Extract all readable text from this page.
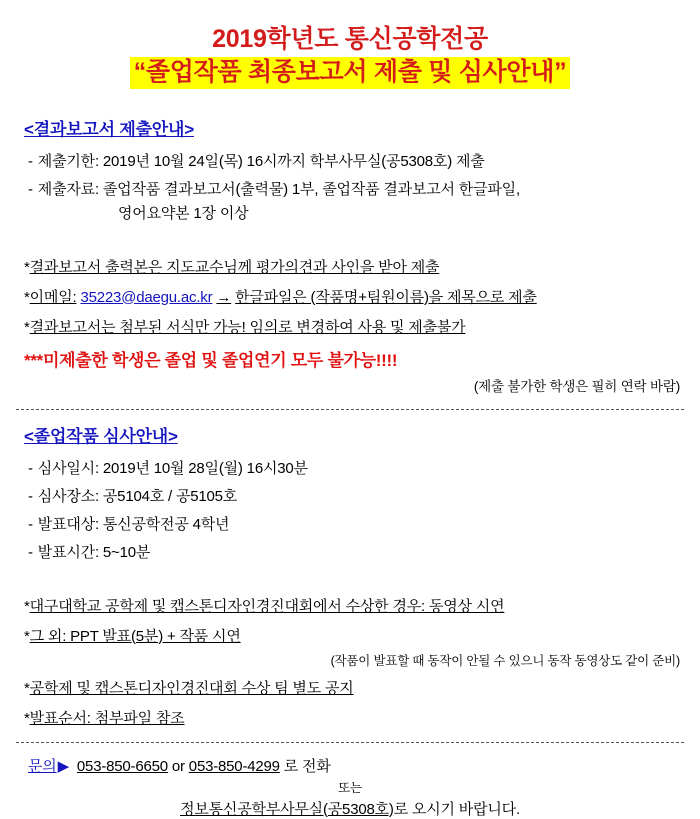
2019학년도 통신공학전공
“졸업작품 최종보고서 제출 및 심사안내”
<결과보고서 제출안내>
- 제출기한: 2019년 10월 24일(목) 16시까지 학부사무실(공5308호) 제출
- 제출자료: 졸업작품 결과보고서(출력물) 1부, 졸업작품 결과보고서 한글파일,
영어요약본 1장 이상
*결과보고서 출력본은 지도교수님께 평가의견과 사인을 받아 제출
*이메일: 35223@daegu.ac.kr → 한글파일은 (작품명+팀원이름)을 제목으로 제출
*결과보고서는 첨부된 서식만 가능! 임의로 변경하여 사용 및 제출불가
***미제출한 학생은 졸업 및 졸업연기 모두 불가능!!!!
(제출 불가한 학생은 필히 연락 바람)
<졸업작품 심사안내>
- 심사일시: 2019년 10월 28일(월) 16시30분
- 심사장소: 공5104호 / 공5105호
- 발표대상: 통신공학전공 4학년
- 발표시간: 5~10분
*대구대학교 공학제 및 캡스톤디자인경진대회에서 수상한 경우: 동영상 시연
*그 외: PPT 발표(5분) + 작품 시연
(작품이 발표할 때 동작이 안될 수 있으니 동작 동영상도 같이 준비)
*공학제 및 캡스톤디자인경진대회 수상 팀 별도 공지
*발표순서: 첨부파일 참조
문의▶ 053-850-6650 or 053-850-4299 로 전화
또는
정보통신공학부사무실(공5308호)로 오시기 바랍니다.
